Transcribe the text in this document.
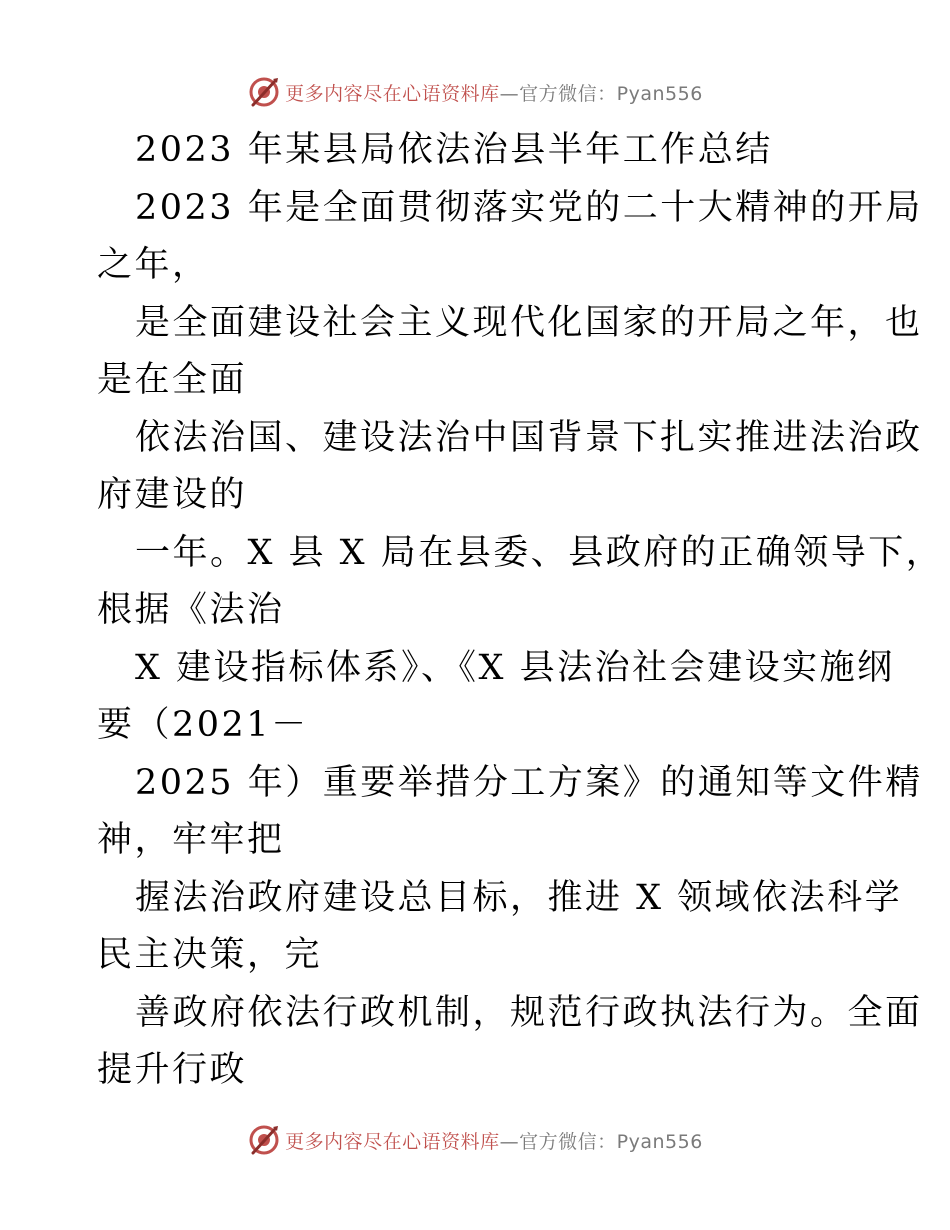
更多内容尽在心语资料库—官方微信：Pyan556
2023 年某县局依法治县半年工作总结
2023 年是全面贯彻落实党的二十大精神的开局
之年，
是全面建设社会主义现代化国家的开局之年，也
是在全面
依法治国、建设法治中国背景下扎实推进法治政
府建设的
一年。X 县 X 局在县委、县政府的正确领导下，
根据《法治
X 建设指标体系》、《X 县法治社会建设实施纲
要（2021－
2025 年）重要举措分工方案》的通知等文件精
神，牢牢把
握法治政府建设总目标，推进 X 领域依法科学
民主决策，完
善政府依法行政机制，规范行政执法行为。全面
提升行政
更多内容尽在心语资料库—官方微信：Pyan556
